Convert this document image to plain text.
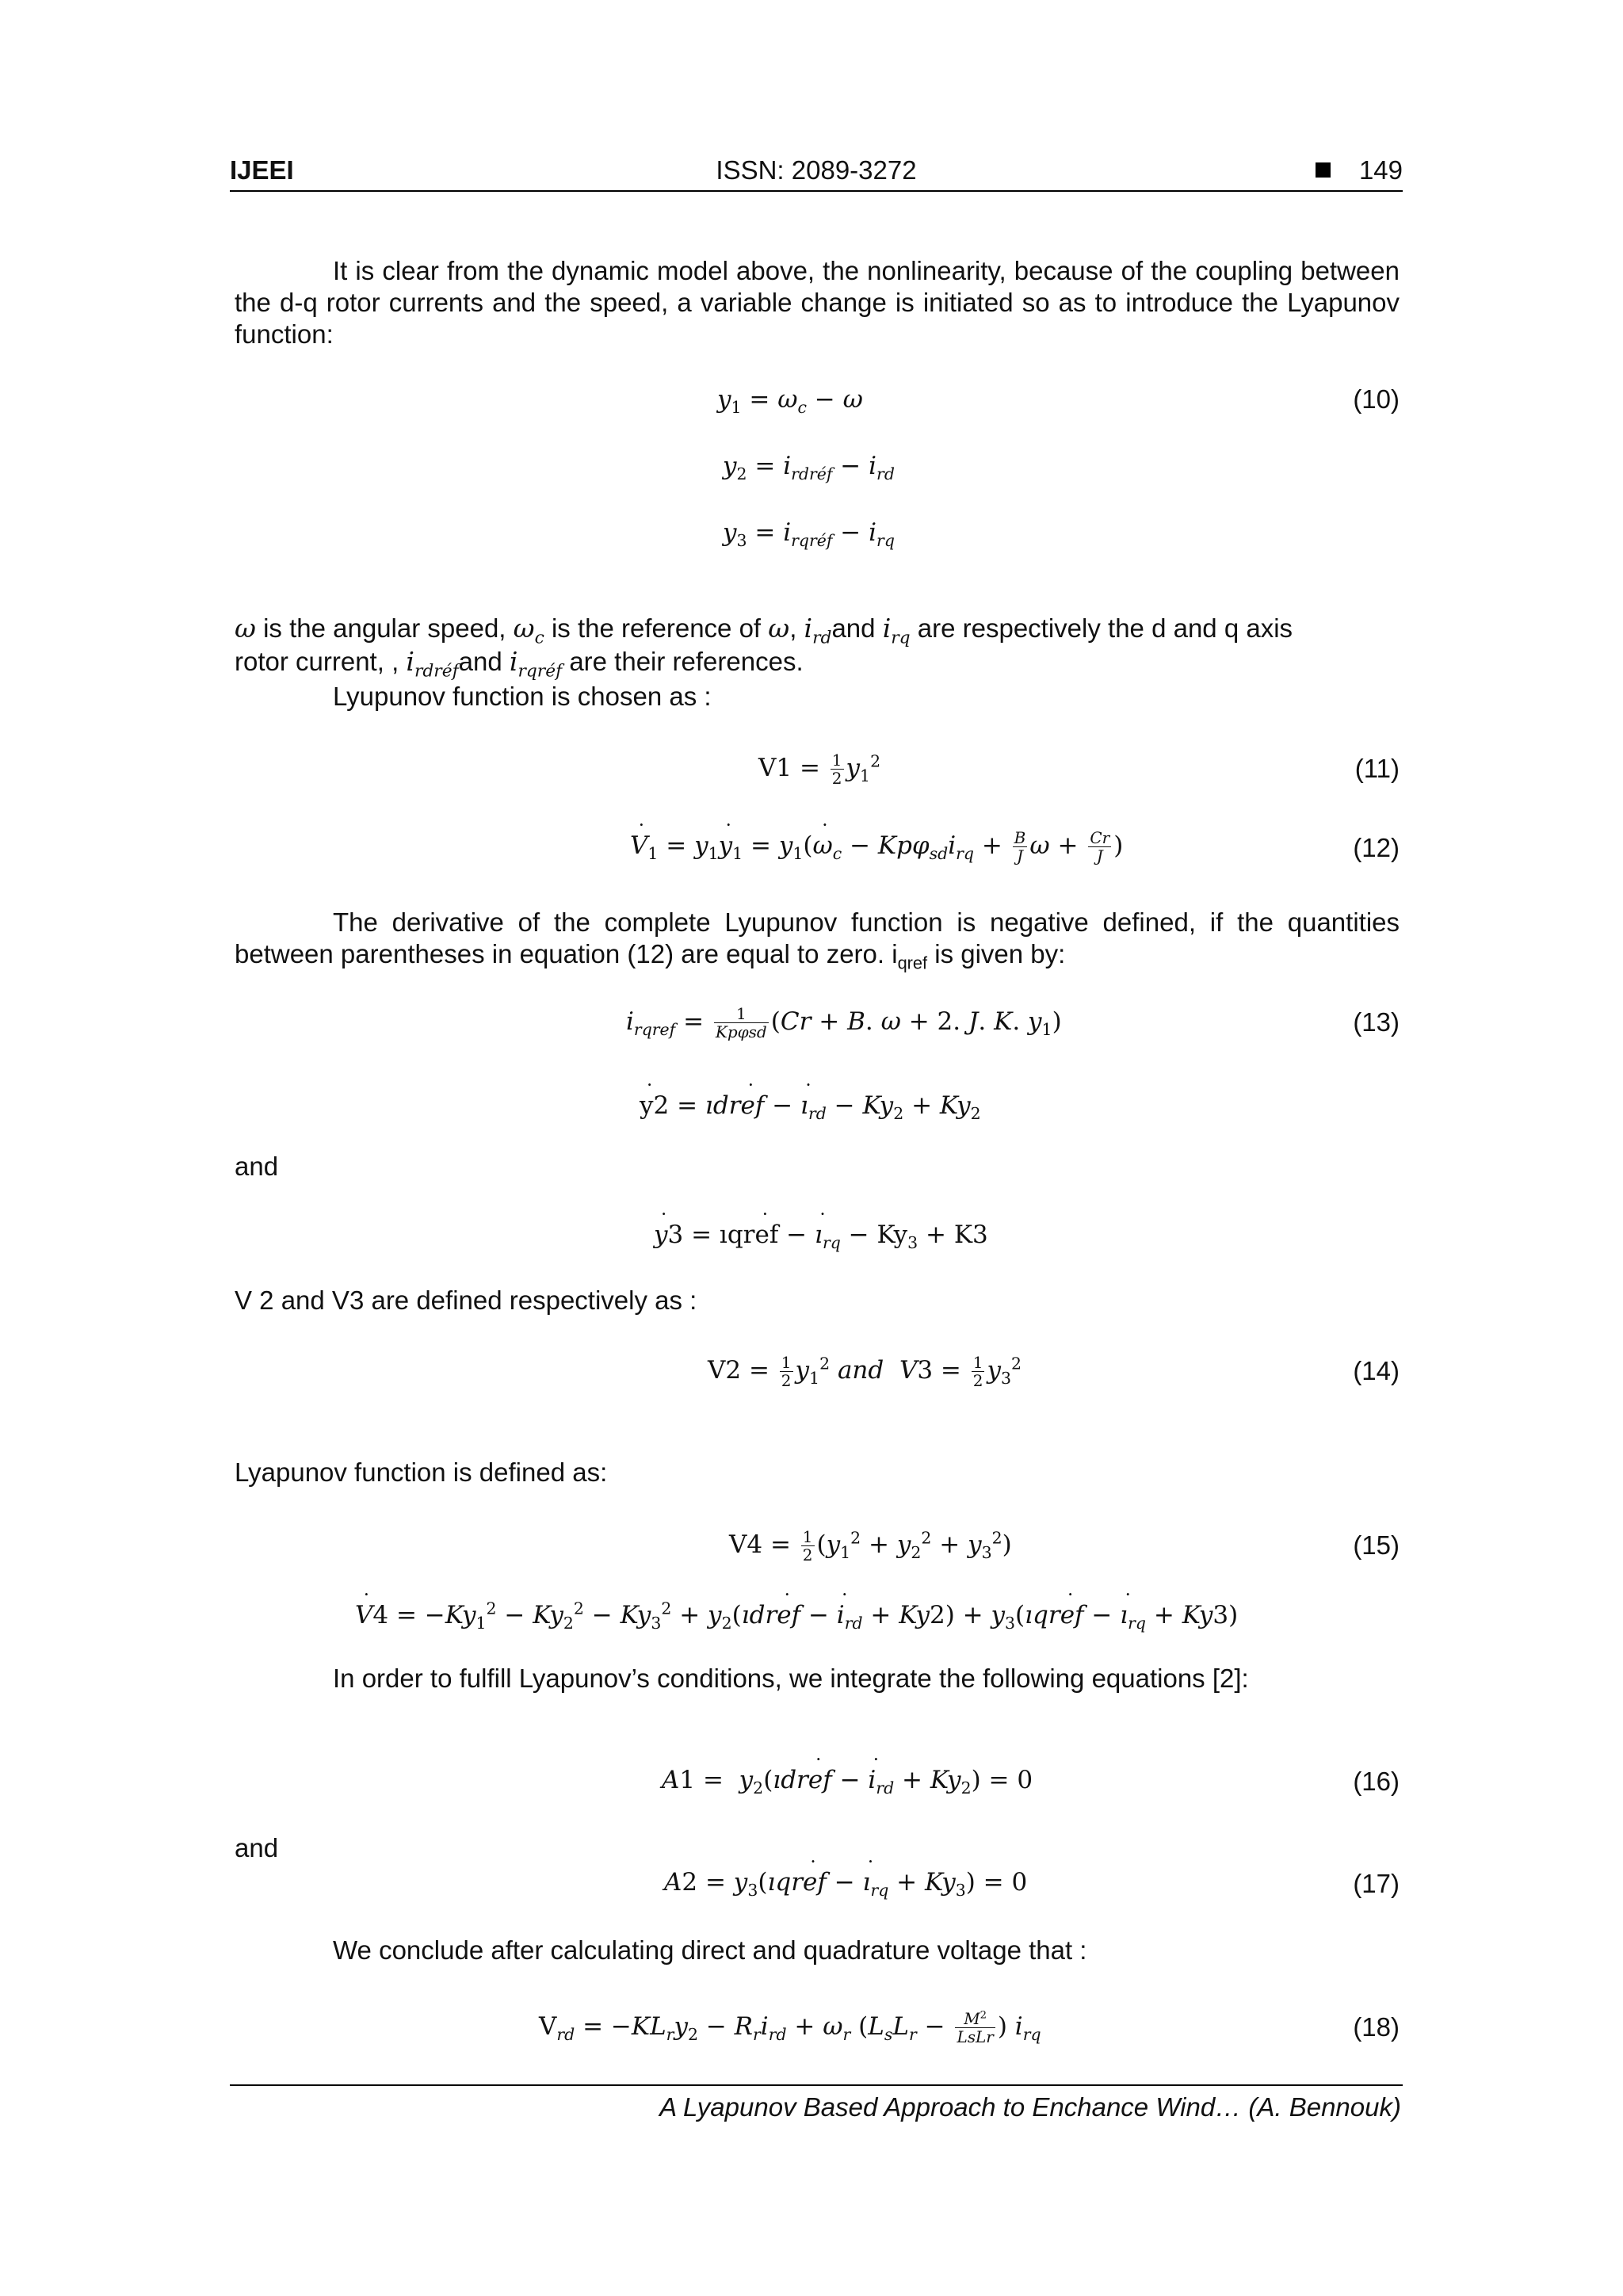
IJEEI	ISSN: 2089-3272	149
It is clear from the dynamic model above, the nonlinearity, because of the coupling between the d-q rotor currents and the speed, a variable change is initiated so as to introduce the Lyapunov function:
$y_1 = \omega_c - \omega$	(10)
$y_2 = i_{rdréf} - i_{rd}$
$y_3 = i_{rqréf} - i_{rq}$
ω is the angular speed, $\omega_c$ is the reference of ω, $i_{rd}and$ $i_{rq}$ are respectively the d and q axis
rotor current, , $i_{rdréf}and$ $i_{rqréf}$ are their references.
Lyupunov function is chosen as :
$V1 = \frac{1}{2} y_1^2$	(11)
˙ $V_1$ = $y_1˙$ $y_1$ = $y_1(˙$ $\omega_c - Kp\varphi_{sd}i_{rq} + \frac{B}{J}$ $\omega + \frac{Cr}{J}$ )	(12)
The derivative of the complete Lyupunov function is negative defined, if the quantities between parentheses in equation (12) are equal to zero. $i_{qref}$ is given by:
$i_{rqref} = \frac{1}{\text{Kpφsd}} (Cr + B$. ω + 2. J. K. $y_1$)	(13)
˙ y2 = ıdr˙ ef − ˙ $ı_{rd} - Ky_2 + Ky_2$
and
˙ y3 = ıqr˙ ef − ˙ $ı_{rq} - Ky_3 + K3$
V 2 and V3 are defined respectively as :
$V2 = \frac{1}{2} y_1^2$ and $V3 = \frac{1}{2} y_3^2$	(14)
Lyapunov function is defined as:
$V4 = \frac{1}{2} (y_1^2 + y_2^2 + y_3^2)$	(15)
˙ $V4 = -Ky_1^2 - Ky_2^2 - Ky_3^2$ + $y_2(ıdr˙$ ef − ˙ $i_{rd} + Ky2$) + $y_3(ıqr˙$ ef − ˙ $ı_{rq} + Ky3$)
In order to fulfill Lyapunov’s conditions, we integrate the following equations [2]:
$A1 = y_2(ıdr˙$ ef − ˙ $i_{rd} + Ky_2) = 0$	(16)
and
$A2 = y_3(ıqr˙$ ef − ˙ $ı_{rq} + Ky_3) = 0$	(17)
We conclude after calculating direct and quadrature voltage that :
$V_{rd} = -KL_ry_2 - R_ri_{rd} + \omega_r$ ($L_sL_r - \frac{M^2}{\text{LsLr}}$ ) $i_{rq}$	(18)
A Lyapunov Based Approach to Enchance Wind… (A. Bennouk)
